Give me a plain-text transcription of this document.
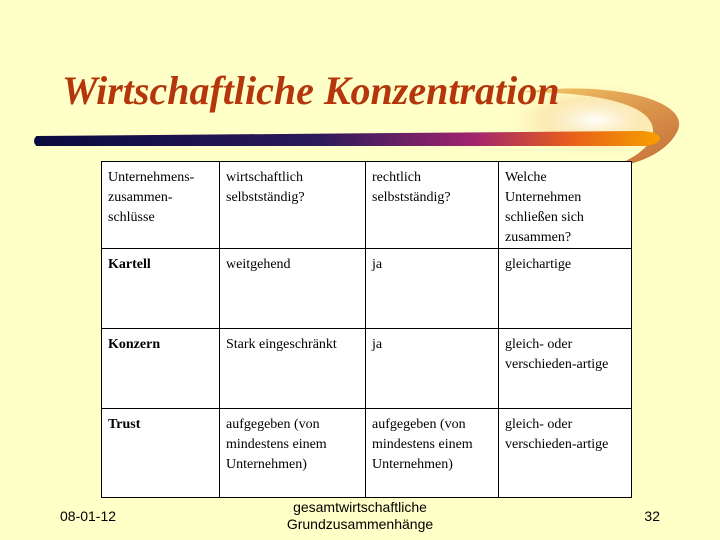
Wirtschaftliche Konzentration
Unternehmens-zusammen-schlüsse	wirtschaftlich selbstständig?	rechtlich selbstständig?	Welche Unternehmen schließen sich zusammen?
Kartell	weitgehend	ja	gleichartige
Konzern	Stark eingeschränkt	ja	gleich- oder verschieden-artige
Trust	aufgegeben (von mindestens einem Unternehmen)	aufgegeben (von mindestens einem Unternehmen)	gleich- oder verschieden-artige
08-01-12
gesamtwirtschaftliche Grundzusammenhänge	32
